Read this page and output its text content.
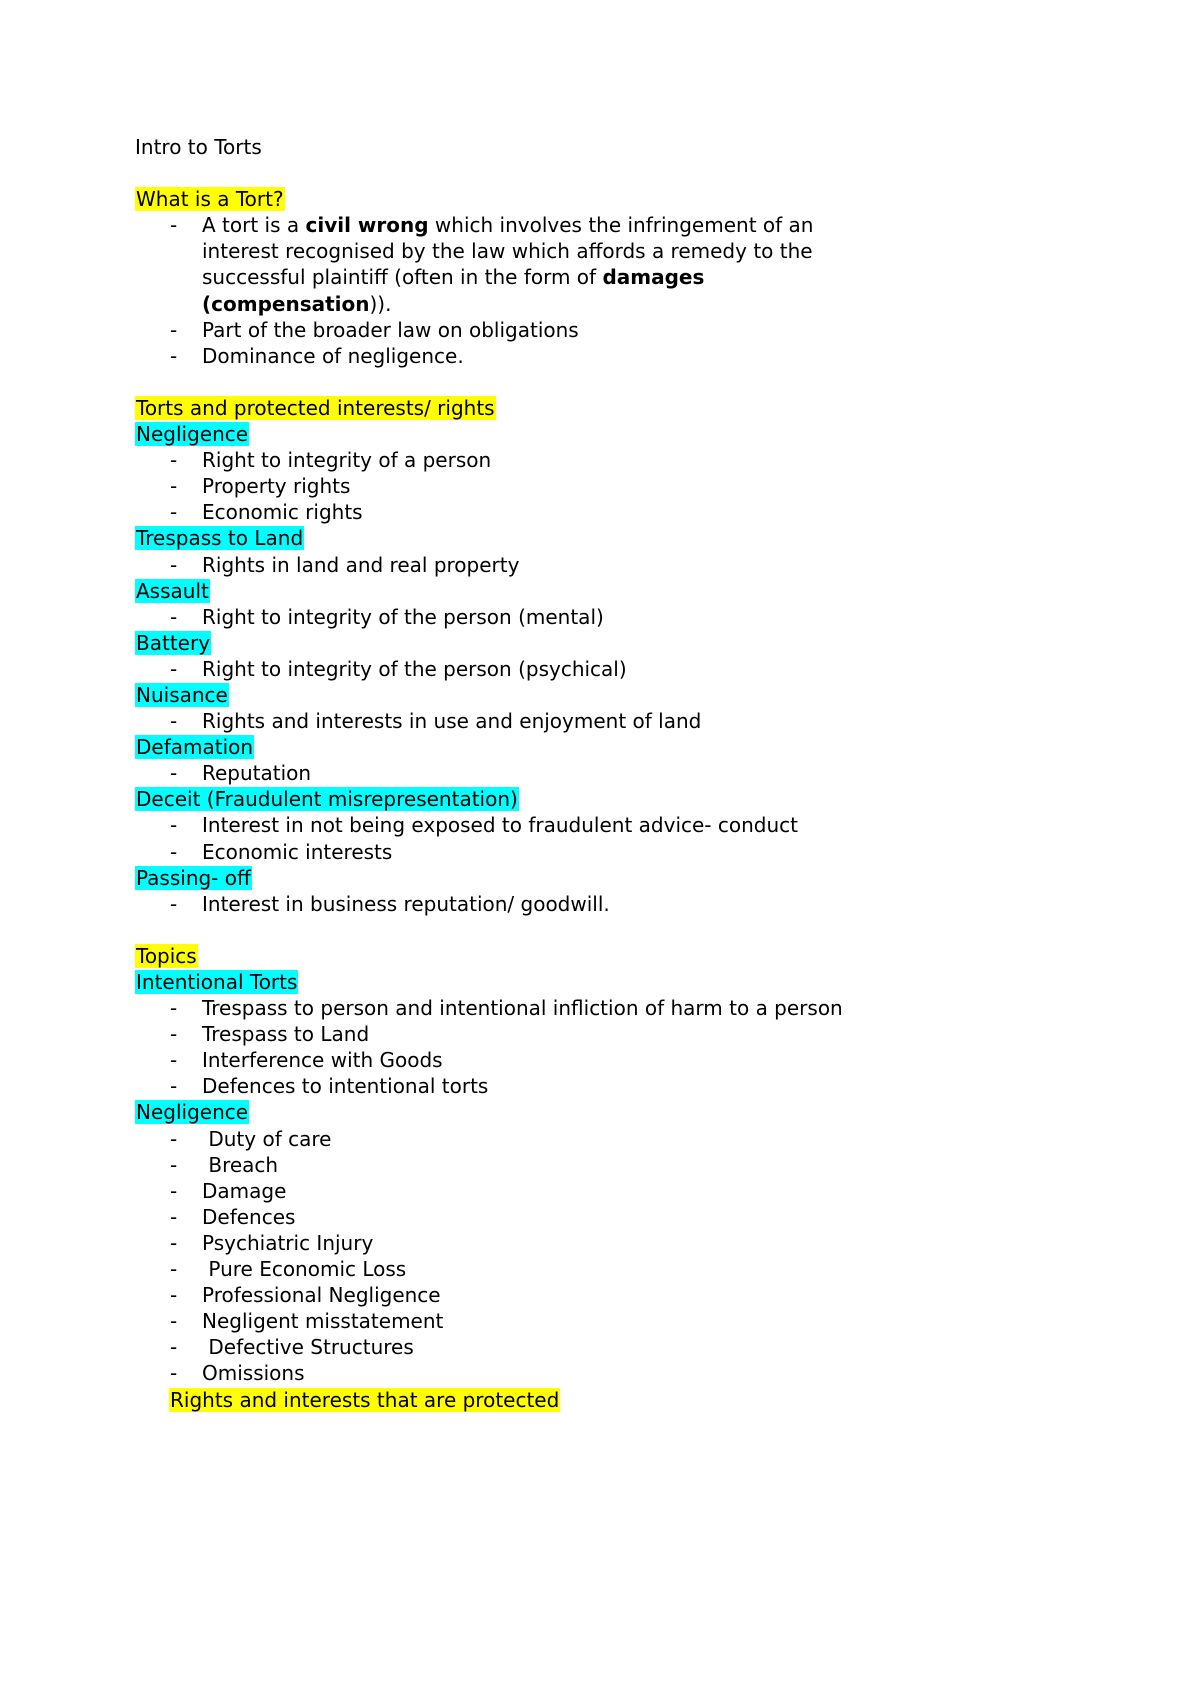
Intro to Torts
What is a Tort?
- A tort is a civil wrong which involves the infringement of an
interest recognised by the law which affords a remedy to the
successful plaintiff (often in the form of damages
(compensation)).
- Part of the broader law on obligations
- Dominance of negligence.
Torts and protected interests/ rights
Negligence
- Right to integrity of a person
- Property rights
- Economic rights
Trespass to Land
- Rights in land and real property
Assault
- Right to integrity of the person (mental)
Battery
- Right to integrity of the person (psychical)
Nuisance
- Rights and interests in use and enjoyment of land
Defamation
- Reputation
Deceit (Fraudulent misrepresentation)
- Interest in not being exposed to fraudulent advice- conduct
- Economic interests
Passing- off
- Interest in business reputation/ goodwill.
Topics
Intentional Torts
- Trespass to person and intentional infliction of harm to a person
- Trespass to Land
- Interference with Goods
- Defences to intentional torts
Negligence
- Duty of care
- Breach
- Damage
- Defences
- Psychiatric Injury
- Pure Economic Loss
- Professional Negligence
- Negligent misstatement
- Defective Structures
- Omissions
Rights and interests that are protected
